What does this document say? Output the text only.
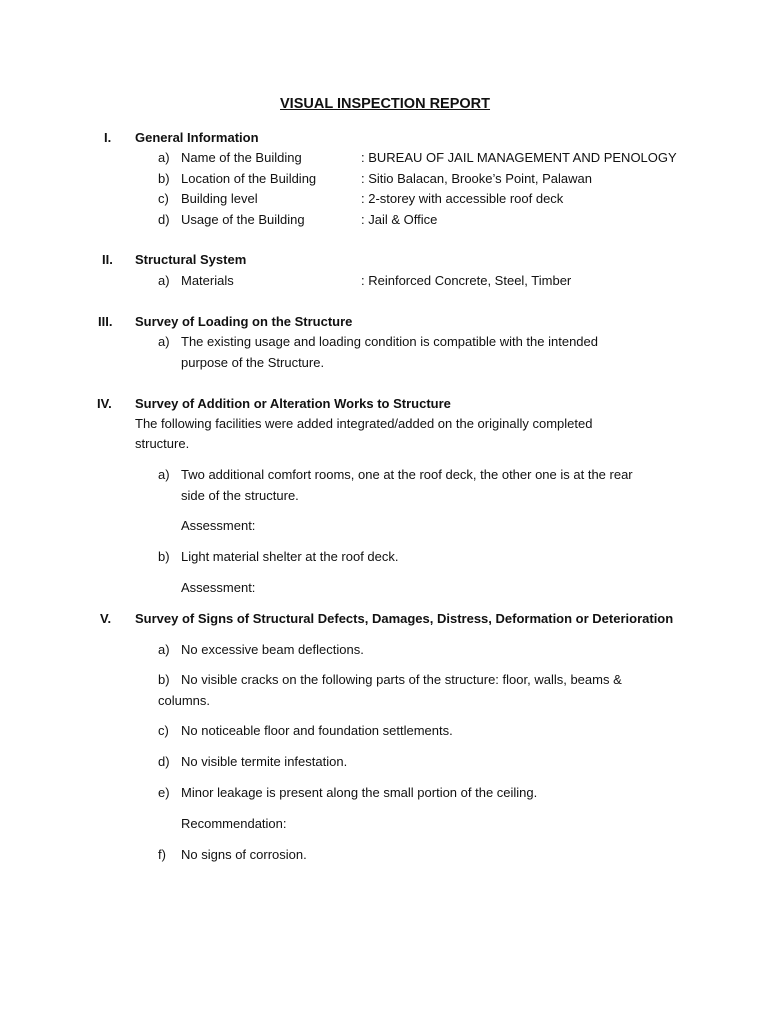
VISUAL INSPECTION REPORT
I. General Information
a) Name of the Building	: BUREAU OF JAIL MANAGEMENT AND PENOLOGY
b) Location of the Building	: Sitio Balacan, Brooke’s Point, Palawan
c) Building level	: 2-storey with accessible roof deck
d) Usage of the Building	: Jail & Office
II. Structural System
a) Materials	: Reinforced Concrete, Steel, Timber
III. Survey of Loading on the Structure
a) The existing usage and loading condition is compatible with the intended
purpose of the Structure.
IV. Survey of Addition or Alteration Works to Structure
The following facilities were added integrated/added on the originally completed
structure.
a) Two additional comfort rooms, one at the roof deck, the other one is at the rear
side of the structure.
Assessment:
b) Light material shelter at the roof deck.
Assessment:
V. Survey of Signs of Structural Defects, Damages, Distress, Deformation or Deterioration
a) No excessive beam deflections.
b) No visible cracks on the following parts of the structure: floor, walls, beams &
columns.
c) No noticeable floor and foundation settlements.
d) No visible termite infestation.
e) Minor leakage is present along the small portion of the ceiling.
Recommendation:
f) No signs of corrosion.
